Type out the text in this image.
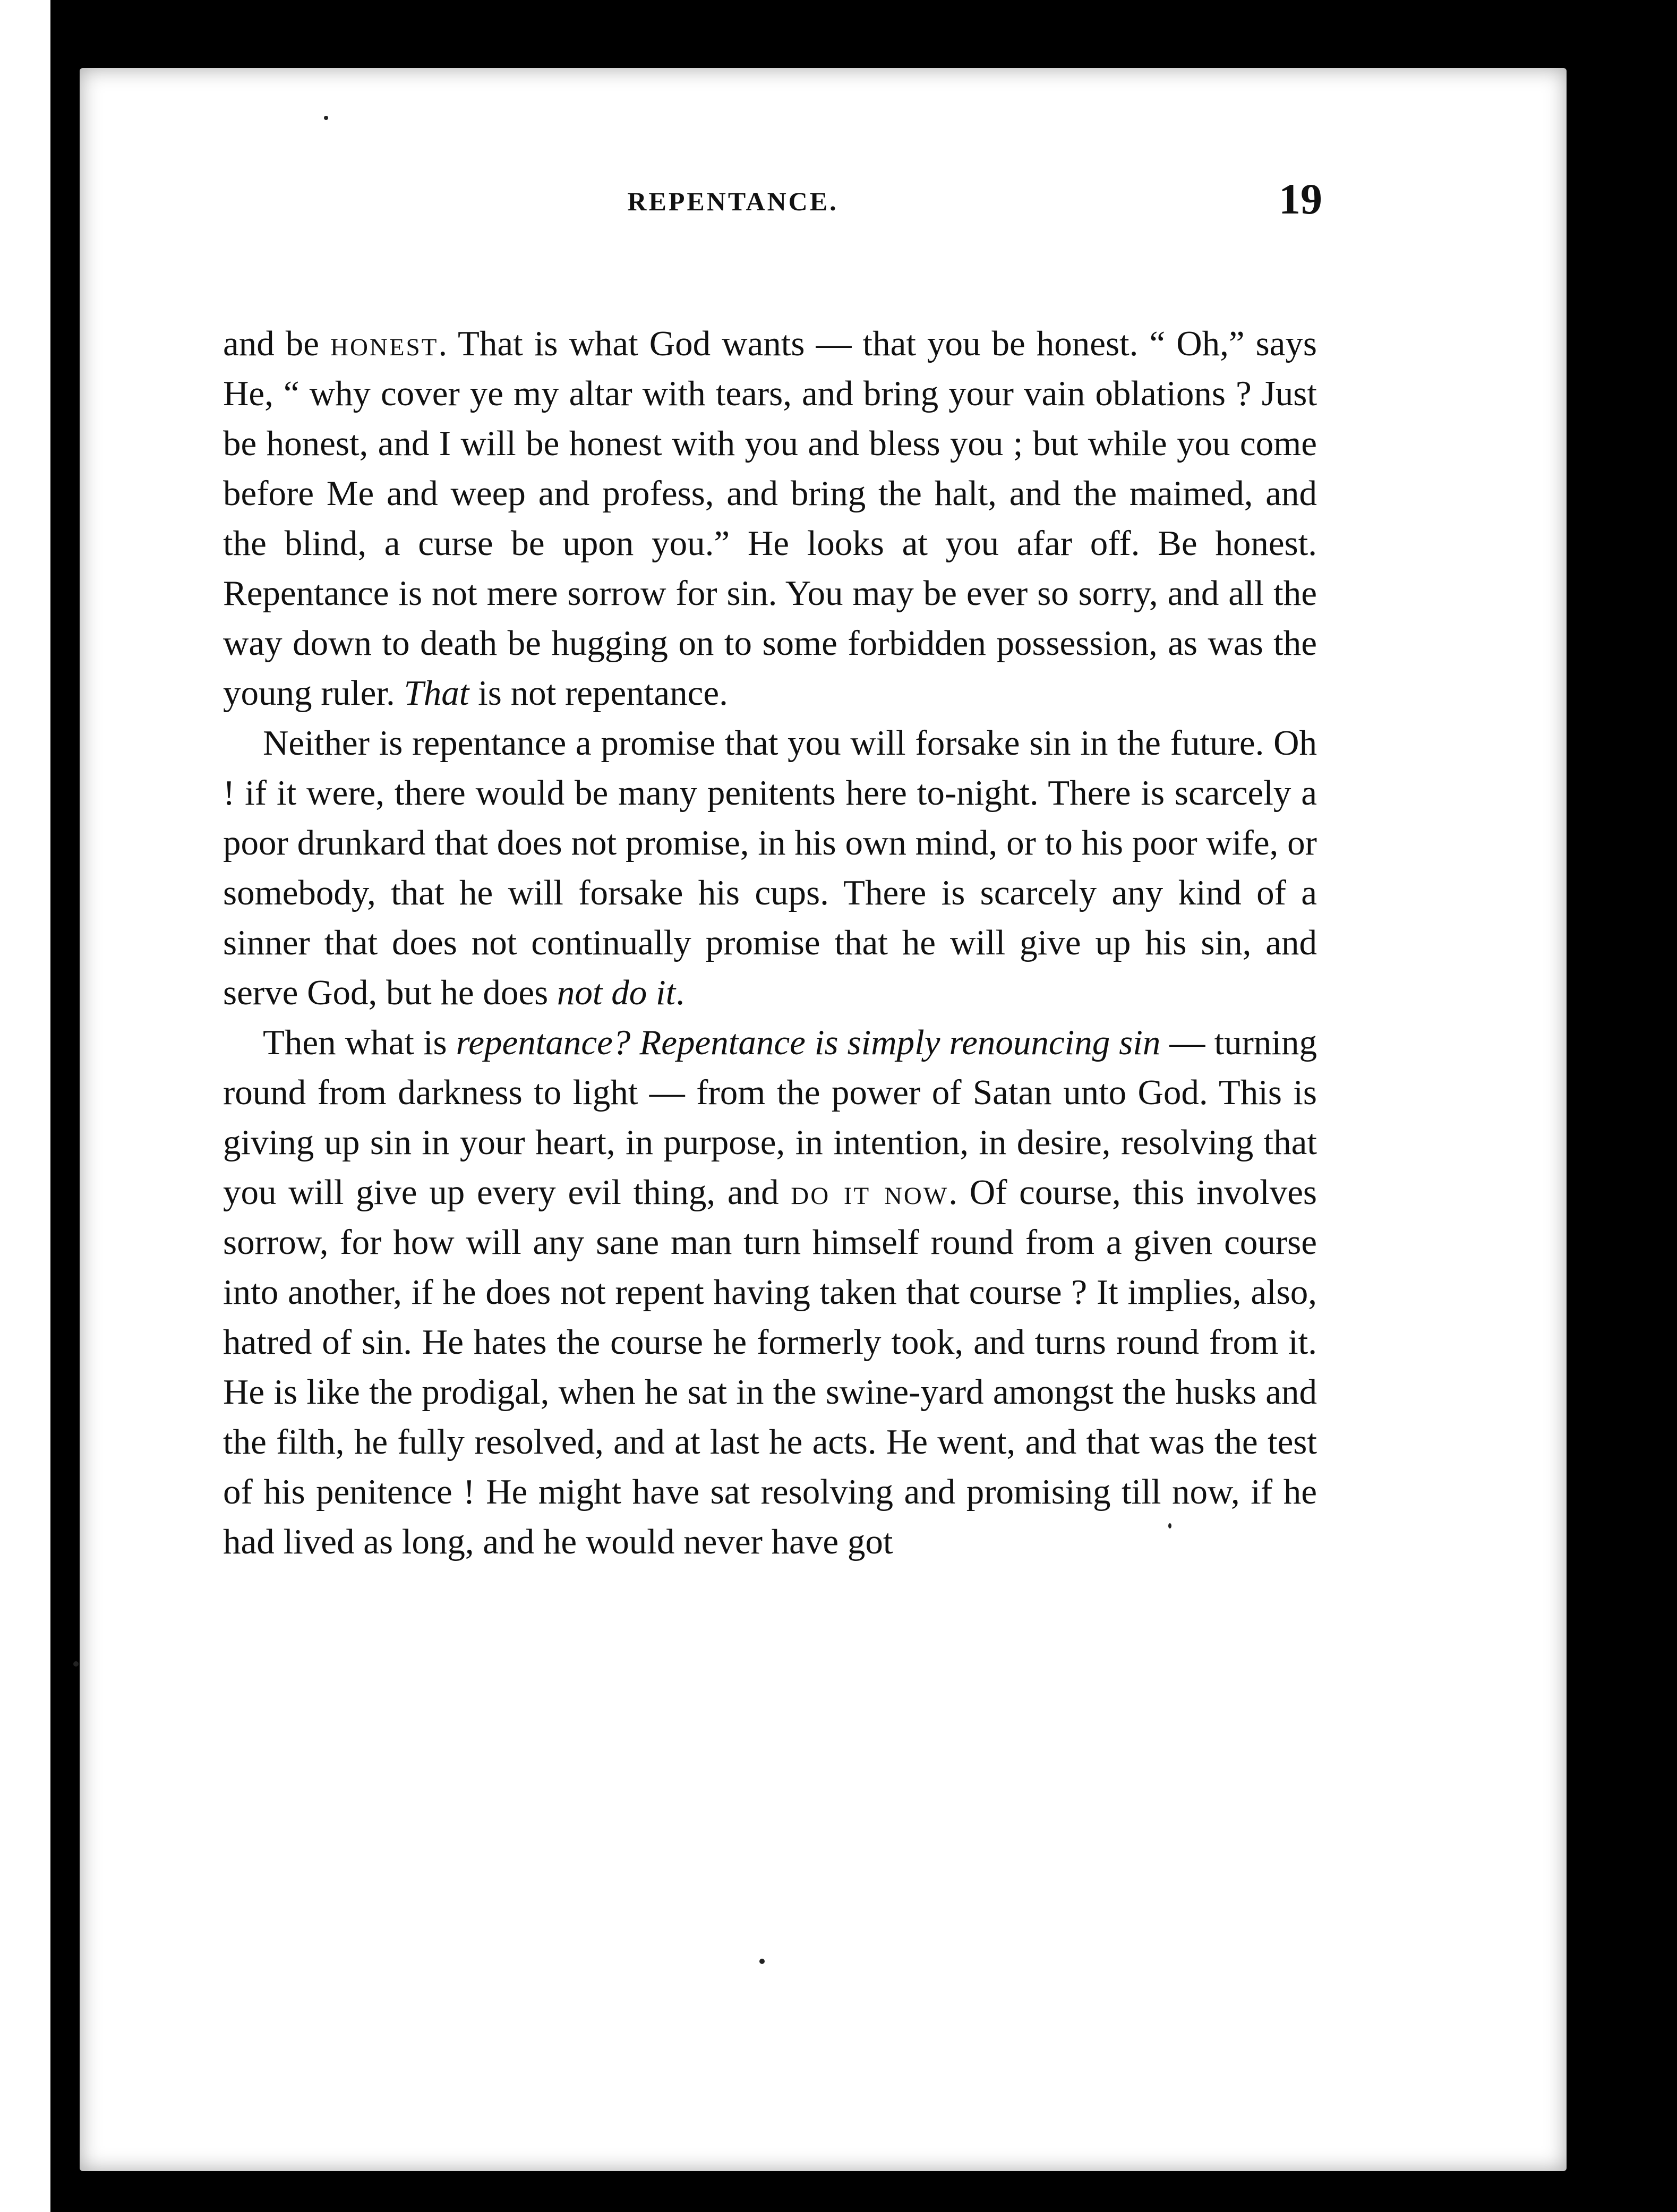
REPENTANCE.	19

and be honest. That is what God wants — that you be honest. “ Oh,” says He, “ why cover ye my altar with tears, and bring your vain oblations ? Just be honest, and I will be honest with you and bless you ; but while you come before Me and weep and profess, and bring the halt, and the maimed, and the blind, a curse be upon you.” He looks at you afar off. Be honest. Repentance is not mere sorrow for sin. You may be ever so sorry, and all the way down to death be hugging on to some forbidden possession, as was the young ruler. That is not repentance.

Neither is repentance a promise that you will forsake sin in the future. Oh ! if it were, there would be many penitents here to-night. There is scarcely a poor drunkard that does not promise, in his own mind, or to his poor wife, or somebody, that he will forsake his cups. There is scarcely any kind of a sinner that does not continually promise that he will give up his sin, and serve God, but he does not do it.

Then what is repentance? Repentance is simply renouncing sin — turning round from darkness to light — from the power of Satan unto God. This is giving up sin in your heart, in purpose, in intention, in desire, resolving that you will give up every evil thing, and do it now. Of course, this involves sorrow, for how will any sane man turn himself round from a given course into another, if he does not repent having taken that course ? It implies, also, hatred of sin. He hates the course he formerly took, and turns round from it. He is like the prodigal, when he sat in the swine-yard amongst the husks and the filth, he fully resolved, and at last he acts. He went, and that was the test of his penitence ! He might have sat resolving and promising till now, if he had lived as long, and he would never have got
